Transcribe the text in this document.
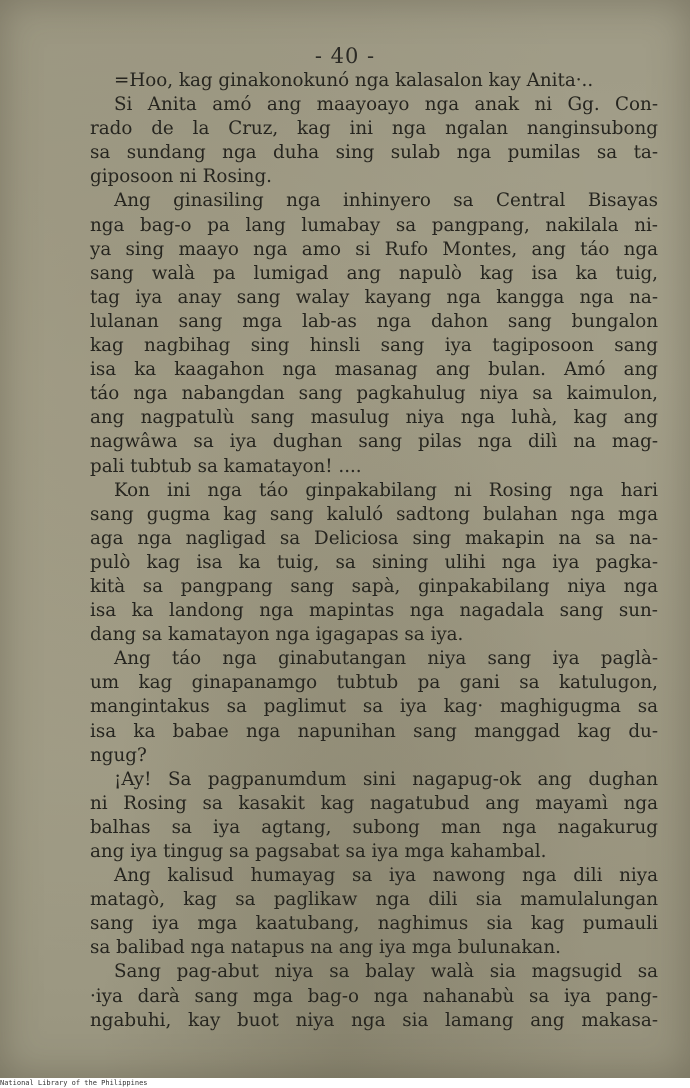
- 40 -
=Hoo, kag ginakonokunó nga kalasalon kay Anita·..
Si Anita amó ang maayoayo nga anak ni Gg. Con-
rado de la Cruz, kag ini nga ngalan nanginsubong
sa sundang nga duha sing sulab nga pumilas sa ta-
giposoon ni Rosing.
Ang ginasiling nga inhinyero sa Central Bisayas
nga bag-o pa lang lumabay sa pangpang, nakilala ni-
ya sing maayo nga amo si Rufo Montes, ang táo nga
sang walà pa lumigad ang napulò kag isa ka tuig,
tag iya anay sang walay kayang nga kangga nga na-
lulanan sang mga lab-as nga dahon sang bungalon
kag nagbihag sing hinsli sang iya tagiposoon sang
isa ka kaagahon nga masanag ang bulan. Amó ang
táo nga nabangdan sang pagkahulug niya sa kaimulon,
ang nagpatulù sang masulug niya nga luhà, kag ang
nagwâwa sa iya dughan sang pilas nga dilì na mag-
pali tubtub sa kamatayon! ....
Kon ini nga táo ginpakabilang ni Rosing nga hari
sang gugma kag sang kaluló sadtong bulahan nga mga
aga nga nagligad sa Deliciosa sing makapin na sa na-
pulò kag isa ka tuig, sa sining ulihi nga iya pagka-
kità sa pangpang sang sapà, ginpakabilang niya nga
isa ka landong nga mapintas nga nagadala sang sun-
dang sa kamatayon nga igagapas sa iya.
Ang táo nga ginabutangan niya sang iya paglà-
um kag ginapanamgo tubtub pa gani sa katulugon,
mangintakus sa paglimut sa iya kag· maghigugma sa
isa ka babae nga napunihan sang manggad kag du-
ngug?
¡Ay! Sa pagpanumdum sini nagapug-ok ang dughan
ni Rosing sa kasakit kag nagatubud ang mayamì nga
balhas sa iya agtang, subong man nga nagakurug
ang iya tingug sa pagsabat sa iya mga kahambal.
Ang kalisud humayag sa iya nawong nga dili niya
matagò, kag sa paglikaw nga dili sia mamulalungan
sang iya mga kaatubang, naghimus sia kag pumauli
sa balibad nga natapus na ang iya mga bulunakan.
Sang pag-abut niya sa balay walà sia magsugid sa
·iya darà sang mga bag-o nga nahanabù sa iya pang-
ngabuhi, kay buot niya nga sia lamang ang makasa-
National Library of the Philippines
